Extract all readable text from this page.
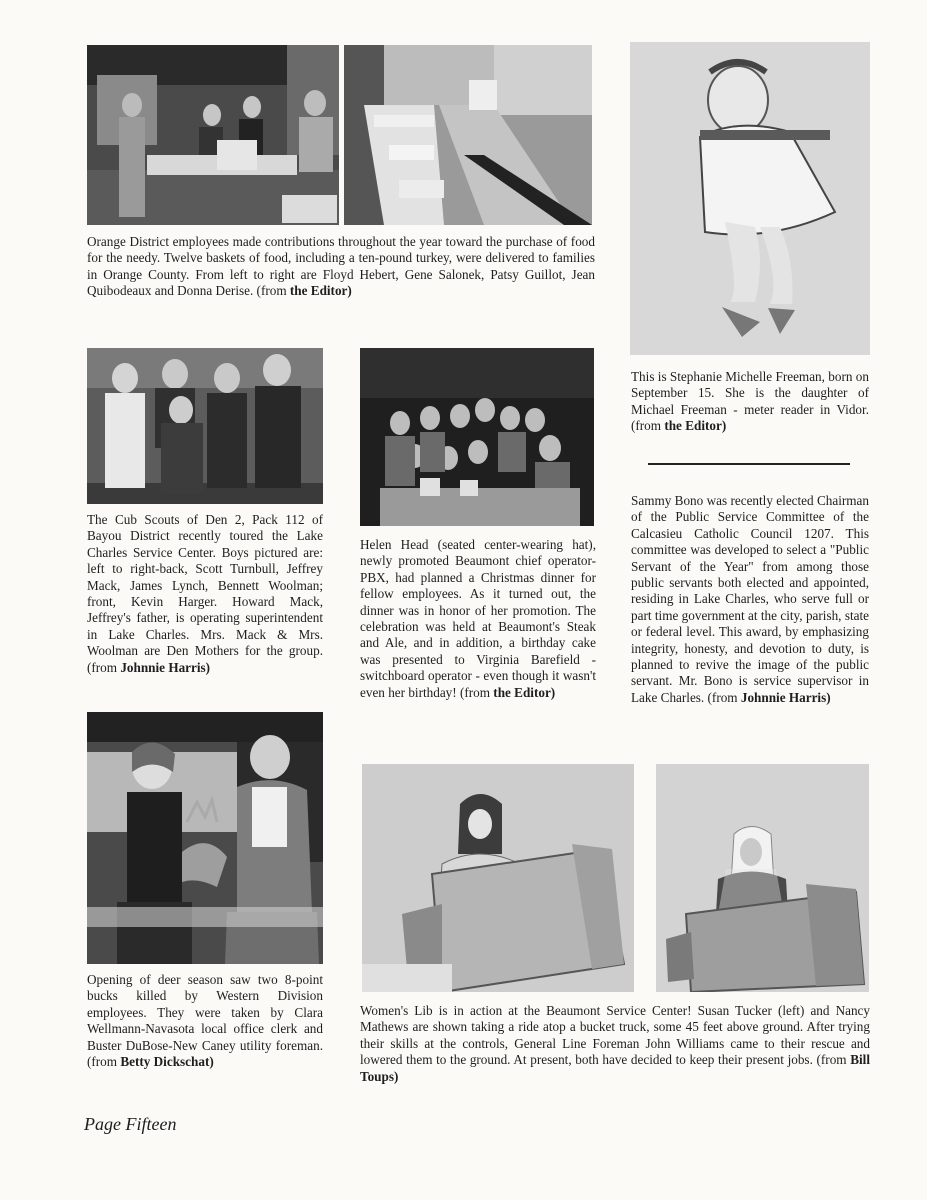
Orange District employees made contributions throughout the year toward the purchase of food for the needy. Twelve baskets of food, including a ten-pound turkey, were delivered to families in Orange County. From left to right are Floyd Hebert, Gene Salonek, Patsy Guillot, Jean Quibodeaux and Donna Derise. (from the Editor)

This is Stephanie Michelle Freeman, born on September 15. She is the daughter of Michael Freeman - meter reader in Vidor. (from the Editor)

The Cub Scouts of Den 2, Pack 112 of Bayou District recently toured the Lake Charles Service Center. Boys pictured are: left to right-back, Scott Turnbull, Jeffrey Mack, James Lynch, Bennett Woolman; front, Kevin Harger. Howard Mack, Jeffrey's father, is operating superintendent in Lake Charles. Mrs. Mack & Mrs. Woolman are Den Mothers for the group. (from Johnnie Harris)

Helen Head (seated center-wearing hat), newly promoted Beaumont chief operator-PBX, had planned a Christmas dinner for fellow employees. As it turned out, the dinner was in honor of her promotion. The celebration was held at Beaumont's Steak and Ale, and in addition, a birthday cake was presented to Virginia Barefield - switchboard operator - even though it wasn't even her birthday! (from the Editor)

Sammy Bono was recently elected Chairman of the Public Service Committee of the Calcasieu Catholic Council 1207. This committee was developed to select a "Public Servant of the Year" from among those public servants both elected and appointed, residing in Lake Charles, who serve full or part time government at the city, parish, state or federal level. This award, by emphasizing integrity, honesty, and devotion to duty, is planned to revive the image of the public servant. Mr. Bono is service supervisor in Lake Charles. (from Johnnie Harris)

Opening of deer season saw two 8-point bucks killed by Western Division employees. They were taken by Clara Wellmann-Navasota local office clerk and Buster DuBose-New Caney utility foreman. (from Betty Dickschat)

Women's Lib is in action at the Beaumont Service Center! Susan Tucker (left) and Nancy Mathews are shown taking a ride atop a bucket truck, some 45 feet above ground. After trying their skills at the controls, General Line Foreman John Williams came to their rescue and lowered them to the ground. At present, both have decided to keep their present jobs. (from Bill Toups)

Page Fifteen
